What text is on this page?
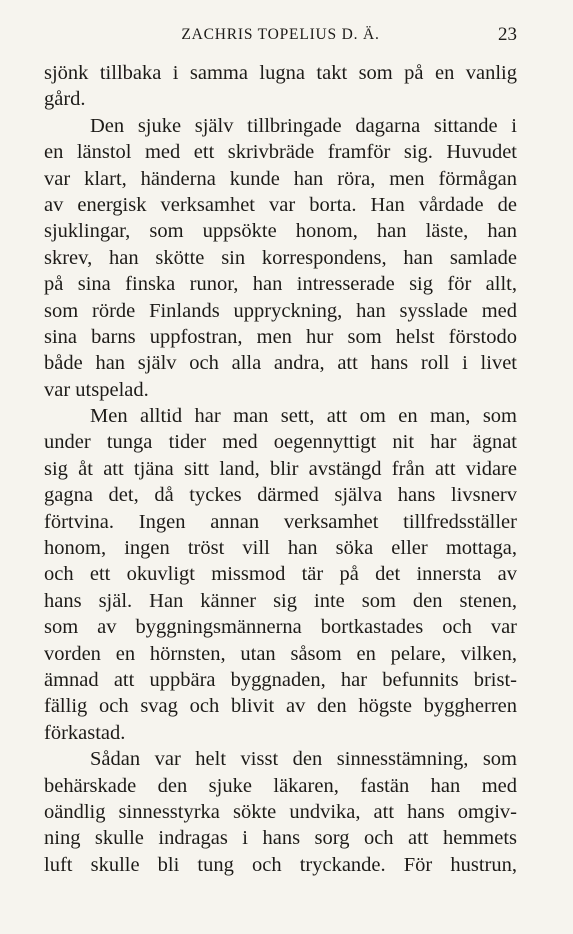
ZACHRIS TOPELIUS D. Ä.	23
sjönk tillbaka i samma lugna takt som på en vanlig
gård.
Den sjuke själv tillbringade dagarna sittande i
en länstol med ett skrivbräde framför sig. Huvudet
var klart, händerna kunde han röra, men förmågan
av energisk verksamhet var borta. Han vårdade de
sjuklingar, som uppsökte honom, han läste, han
skrev, han skötte sin korrespondens, han samlade
på sina finska runor, han intresserade sig för allt,
som rörde Finlands uppryckning, han sysslade med
sina barns uppfostran, men hur som helst förstodo
både han själv och alla andra, att hans roll i livet
var utspelad.
Men alltid har man sett, att om en man, som
under tunga tider med oegennyttigt nit har ägnat
sig åt att tjäna sitt land, blir avstängd från att vidare
gagna det, då tyckes därmed själva hans livsnerv
förtvina. Ingen annan verksamhet tillfredsställer
honom, ingen tröst vill han söka eller mottaga,
och ett okuvligt missmod tär på det innersta av
hans själ. Han känner sig inte som den stenen,
som av byggningsmännerna bortkastades och var
vorden en hörnsten, utan såsom en pelare, vilken,
ämnad att uppbära byggnaden, har befunnits brist-
fällig och svag och blivit av den högste byggherren
förkastad.
Sådan var helt visst den sinnesstämning, som
behärskade den sjuke läkaren, fastän han med
oändlig sinnesstyrka sökte undvika, att hans omgiv-
ning skulle indragas i hans sorg och att hemmets
luft skulle bli tung och tryckande. För hustrun,
